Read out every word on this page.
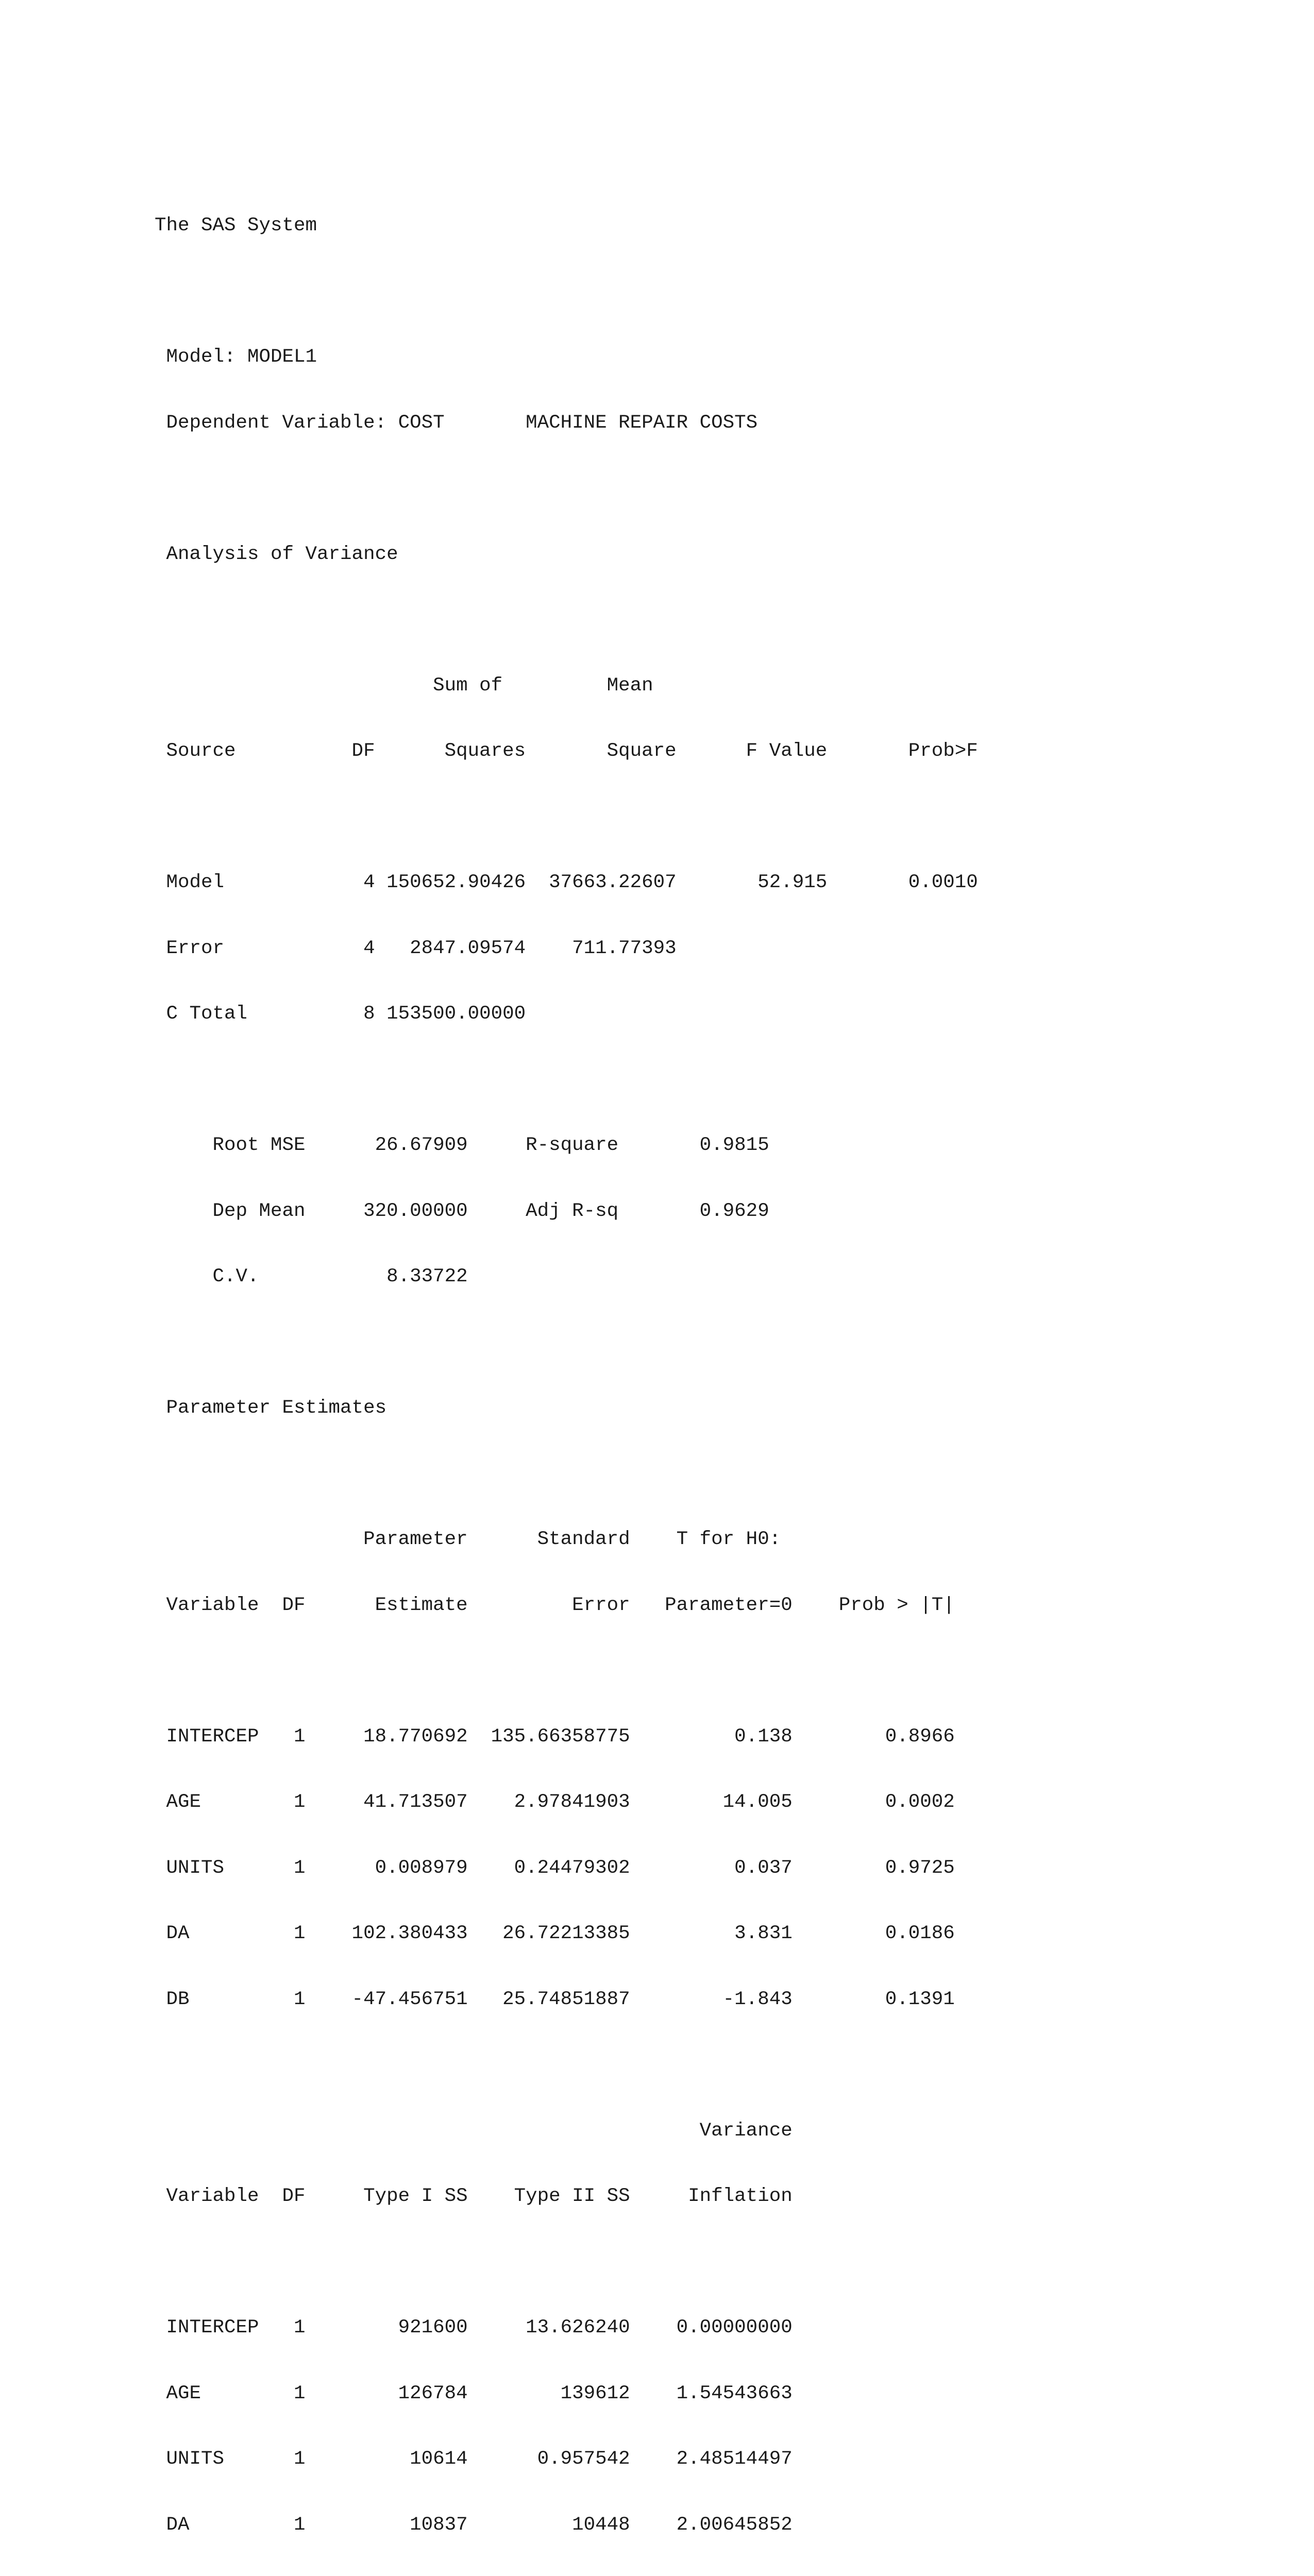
The SAS System

Model: MODEL1

Dependent Variable: COST       MACHINE REPAIR COSTS

Analysis of Variance

Sum of         Mean

Source          DF      Squares       Square      F Value       Prob>F

Model            4 150652.90426  37663.22607       52.915       0.0010

Error            4   2847.09574    711.77393

C Total          8 153500.00000

Root MSE      26.67909     R-square       0.9815

Dep Mean     320.00000     Adj R-sq       0.9629

C.V.           8.33722

Parameter Estimates

Parameter      Standard    T for H0:

Variable  DF      Estimate         Error   Parameter=0    Prob > |T|

INTERCEP   1     18.770692  135.66358775         0.138        0.8966

AGE        1     41.713507    2.97841903        14.005        0.0002

UNITS      1      0.008979    0.24479302         0.037        0.9725

DA         1    102.380433   26.72213385         3.831        0.0186

DB         1    -47.456751   25.74851887        -1.843        0.1391

Variance

Variable  DF     Type I SS    Type II SS     Inflation

INTERCEP   1        921600     13.626240    0.00000000

AGE        1        126784        139612    1.54543663

UNITS      1         10614      0.957542    2.48514497

DA         1         10837         10448    2.00645852
